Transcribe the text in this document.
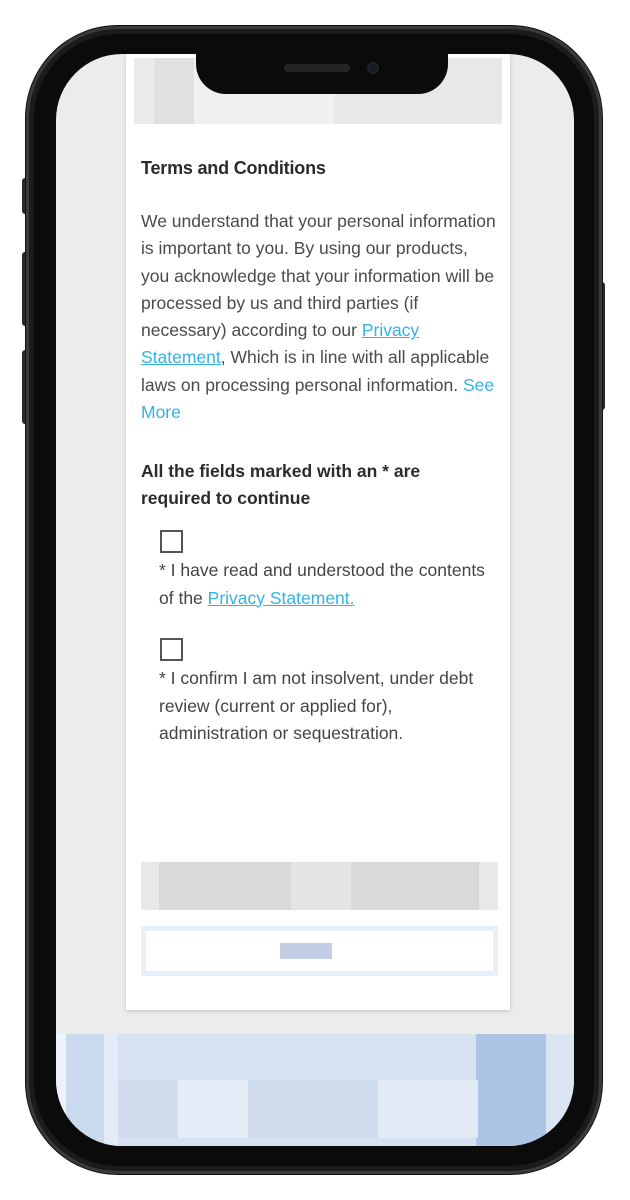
Terms and Conditions

We understand that your personal information is important to you. By using our products, you acknowledge that your information will be processed by us and third parties (if necessary) according to our Privacy Statement, Which is in line with all applicable laws on processing personal information. See More

All the fields marked with an * are required to continue

* I have read and understood the contents of the Privacy Statement.

* I confirm I am not insolvent, under debt review (current or applied for), administration or sequestration.
